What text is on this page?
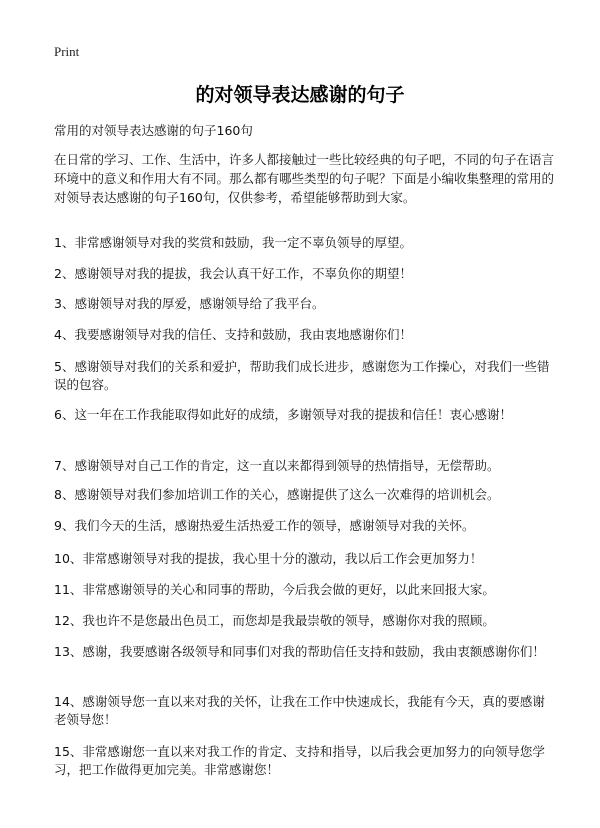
Print
的对领导表达感谢的句子

常用的对领导表达感谢的句子160句

在日常的学习、工作、生活中，许多人都接触过一些比较经典的句子吧，不同的句子在语言环境中的意义和作用大有不同。那么都有哪些类型的句子呢？下面是小编收集整理的常用的对领导表达感谢的句子160句，仅供参考，希望能够帮助到大家。

1、非常感谢领导对我的奖赏和鼓励，我一定不辜负领导的厚望。

2、感谢领导对我的提拔，我会认真干好工作，不辜负你的期望！

3、感谢领导对我的厚爱，感谢领导给了我平台。

4、我要感谢领导对我的信任、支持和鼓励，我由衷地感谢你们！

5、感谢领导对我们的关系和爱护，帮助我们成长进步，感谢您为工作操心，对我们一些错误的包容。

6、这一年在工作我能取得如此好的成绩，多谢领导对我的提拔和信任！衷心感谢！

7、感谢领导对自己工作的肯定，这一直以来都得到领导的热情指导，无偿帮助。

8、感谢领导对我们参加培训工作的关心，感谢提供了这么一次难得的培训机会。

9、我们今天的生活，感谢热爱生活热爱工作的领导，感谢领导对我的关怀。

10、非常感谢领导对我的提拔，我心里十分的激动，我以后工作会更加努力！

11、非常感谢领导的关心和同事的帮助，今后我会做的更好，以此来回报大家。

12、我也许不是您最出色员工，而您却是我最崇敬的领导，感谢你对我的照顾。

13、感谢，我要感谢各级领导和同事们对我的帮助信任支持和鼓励，我由衷额感谢你们！

14、感谢领导您一直以来对我的关怀，让我在工作中快速成长，我能有今天，真的要感谢老领导您！

15、非常感谢您一直以来对我工作的肯定、支持和指导，以后我会更加努力的向领导您学习，把工作做得更加完美。非常感谢您！
